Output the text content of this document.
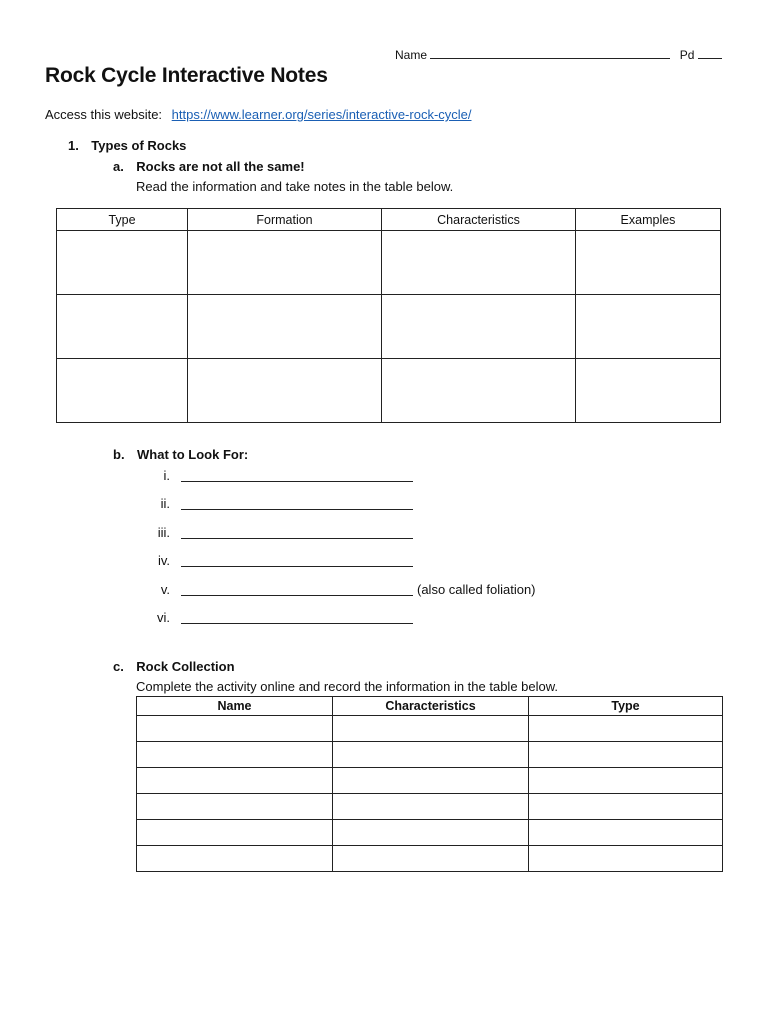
Name	Pd
Rock Cycle Interactive Notes
Access this website: https://www.learner.org/series/interactive-rock-cycle/
1. Types of Rocks
a. Rocks are not all the same!
Read the information and take notes in the table below.
Type	Formation	Characteristics	Examples

b. What to Look For:
i.
ii.
iii.
iv.
v.	(also called foliation)
vi.
c. Rock Collection
Complete the activity online and record the information in the table below.
Name	Characteristics	Type
